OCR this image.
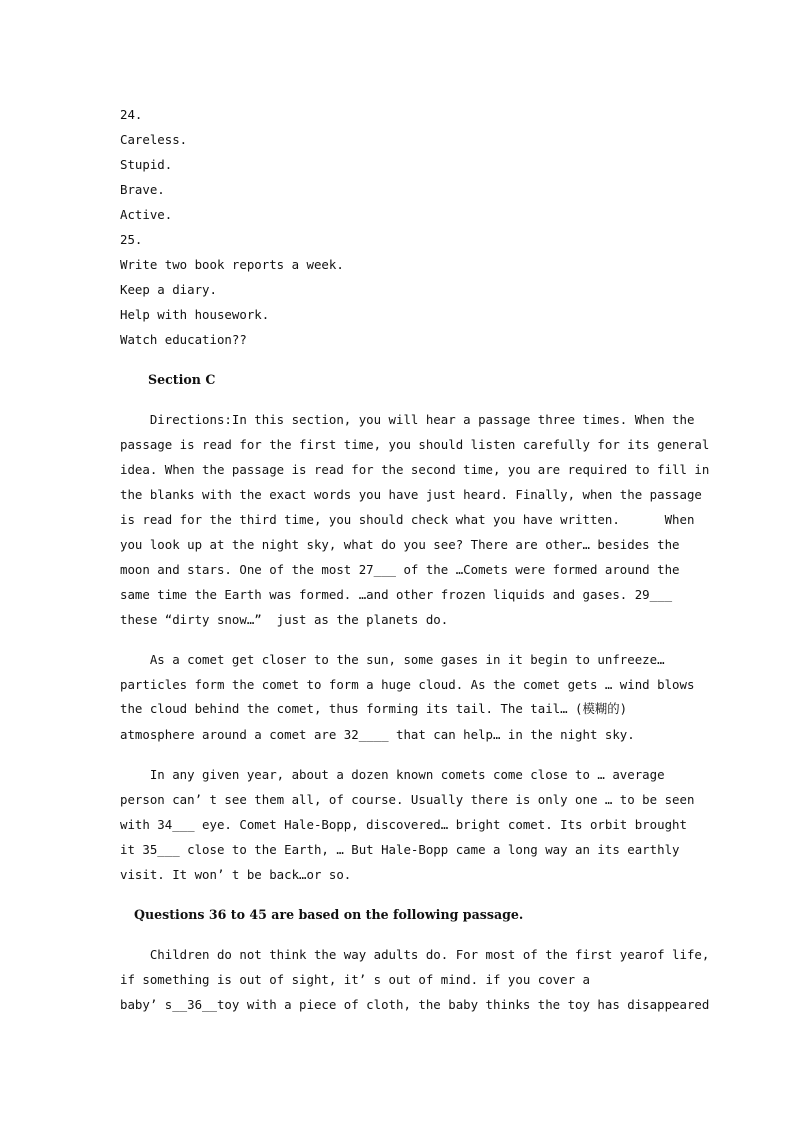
24.
Careless.
Stupid.
Brave.
Active.
25.
Write two book reports a week.
Keep a diary.
Help with housework.
Watch education??
Section C
Directions:In this section, you will hear a passage three times. When the
passage is read for the first time, you should listen carefully for its general
idea. When the passage is read for the second time, you are required to fill in
the blanks with the exact words you have just heard. Finally, when the passage
is read for the third time, you should check what you have written.      When
you look up at the night sky, what do you see? There are other… besides the
moon and stars. One of the most 27___ of the …Comets were formed around the
same time the Earth was formed. …and other frozen liquids and gases. 29___
these “dirty snow…”  just as the planets do.
As a comet get closer to the sun, some gases in it begin to unfreeze…
particles form the comet to form a huge cloud. As the comet gets … wind blows
the cloud behind the comet, thus forming its tail. The tail… (模糊的)
atmosphere around a comet are 32____ that can help… in the night sky.
In any given year, about a dozen known comets come close to … average
person can’ t see them all, of course. Usually there is only one … to be seen
with 34___ eye. Comet Hale-Bopp, discovered… bright comet. Its orbit brought
it 35___ close to the Earth, … But Hale-Bopp came a long way an its earthly
visit. It won’ t be back…or so.
Questions 36 to 45 are based on the following passage.
Children do not think the way adults do. For most of the first yearof life,
if something is out of sight, it’ s out of mind. if you cover a
baby’ s__36__toy with a piece of cloth, the baby thinks the toy has disappeared
